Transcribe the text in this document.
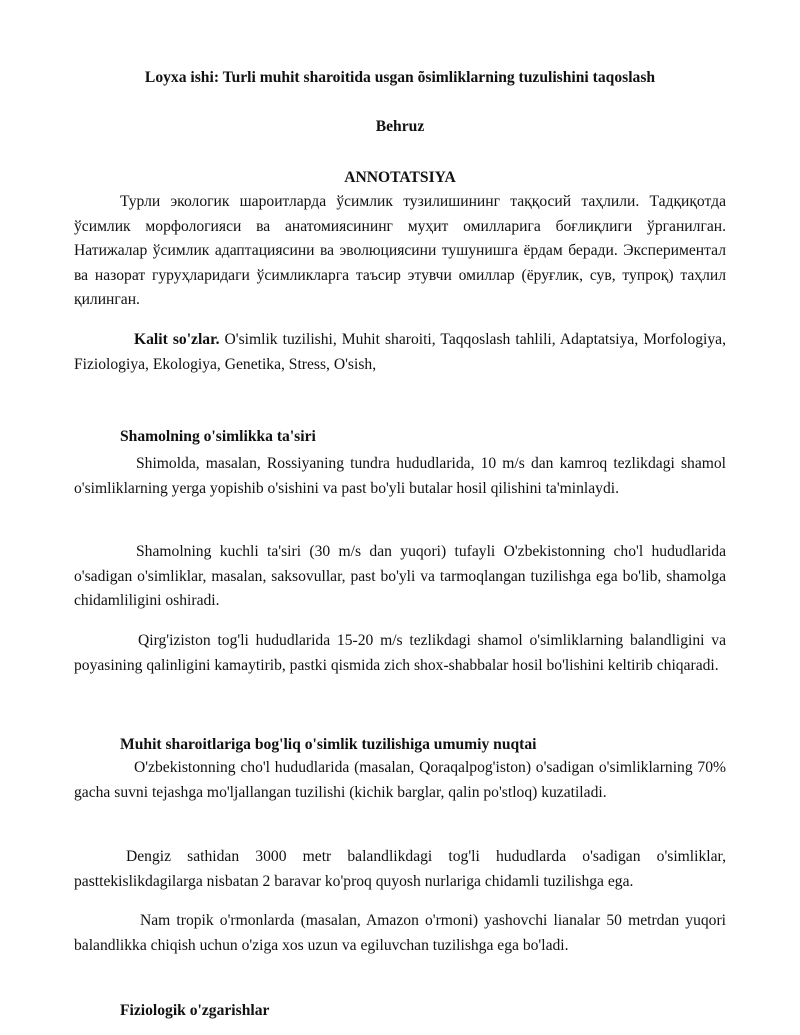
Loyxa ishi: Turli muhit sharoitida usgan õsimliklarning tuzulishini taqoslash

Behruz

ANNOTATSIYA

Турли экологик шароитларда ўсимлик тузилишининг таққосий таҳлили. Тадқиқотда ўсимлик морфологияси ва анатомиясининг муҳит омилларига боғлиқлиги ўрганилган. Натижалар ўсимлик адаптациясини ва эволюциясини тушунишга ёрдам беради. Экспериментал ва назорат гуруҳларидаги ўсимликларга таъсир этувчи омиллар (ёруғлик, сув, тупроқ) таҳлил қилинган.

Kalit so'zlar. O'simlik tuzilishi, Muhit sharoiti, Taqqoslash tahlili, Adaptatsiya, Morfologiya, Fiziologiya, Ekologiya, Genetika, Stress, O'sish,

Shamolning o'simlikka ta'siri

Shimolda, masalan, Rossiyaning tundra hududlarida, 10 m/s dan kamroq tezlikdagi shamol o'simliklarning yerga yopishib o'sishini va past bo'yli butalar hosil qilishini ta'minlaydi.

Shamolning kuchli ta'siri (30 m/s dan yuqori) tufayli O'zbekistonning cho'l hududlarida o'sadigan o'simliklar, masalan, saksovullar, past bo'yli va tarmoqlangan tuzilishga ega bo'lib, shamolga chidamliligini oshiradi.

Qirg'iziston tog'li hududlarida 15-20 m/s tezlikdagi shamol o'simliklarning balandligini va poyasining qalinligini kamaytirib, pastki qismida zich shox-shabbalar hosil bo'lishini keltirib chiqaradi.

Muhit sharoitlariga bog'liq o'simlik tuzilishiga umumiy nuqtai

O'zbekistonning cho'l hududlarida (masalan, Qoraqalpog'iston) o'sadigan o'simliklarning 70% gacha suvni tejashga mo'ljallangan tuzilishi (kichik barglar, qalin po'stloq) kuzatiladi.

Dengiz sathidan 3000 metr balandlikdagi tog'li hududlarda o'sadigan o'simliklar, pasttekislikdagilarga nisbatan 2 baravar ko'proq quyosh nurlariga chidamli tuzilishga ega.

Nam tropik o'rmonlarda (masalan, Amazon o'rmoni) yashovchi lianalar 50 metrdan yuqori balandlikka chiqish uchun o'ziga xos uzun va egiluvchan tuzilishga ega bo'ladi.

Fiziologik o'zgarishlar
